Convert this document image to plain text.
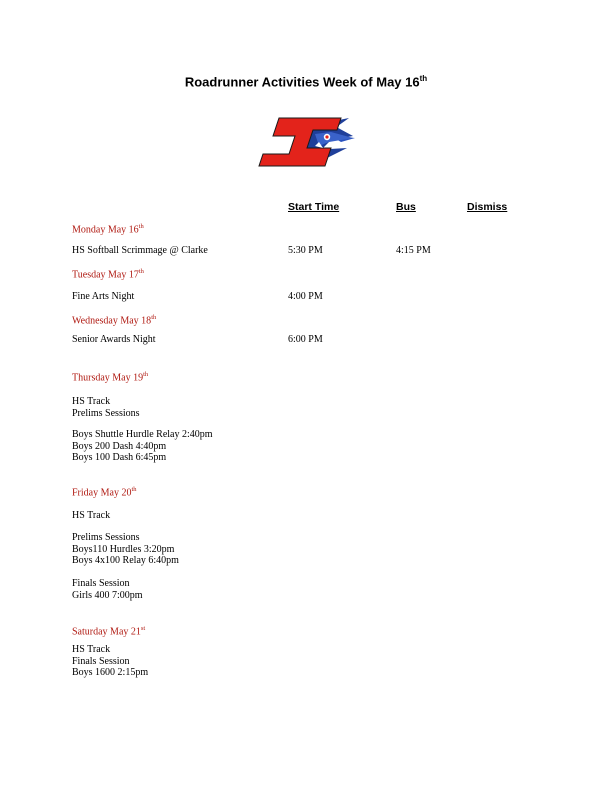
Roadrunner Activities Week of May 16th
Start Time	Bus	Dismiss
Monday May 16th
HS Softball Scrimmage @ Clarke	5:30 PM	4:15 PM
Tuesday May 17th
Fine Arts Night	4:00 PM
Wednesday May 18th
Senior Awards Night	6:00 PM
Thursday May 19th
HS Track
Prelims Sessions
Boys Shuttle Hurdle Relay 2:40pm
Boys 200 Dash 4:40pm
Boys 100 Dash 6:45pm
Friday May 20th
HS Track
Prelims Sessions
Boys110 Hurdles 3:20pm
Boys 4x100 Relay 6:40pm
Finals Session
Girls 400 7:00pm
Saturday May 21st
HS Track
Finals Session
Boys 1600 2:15pm
